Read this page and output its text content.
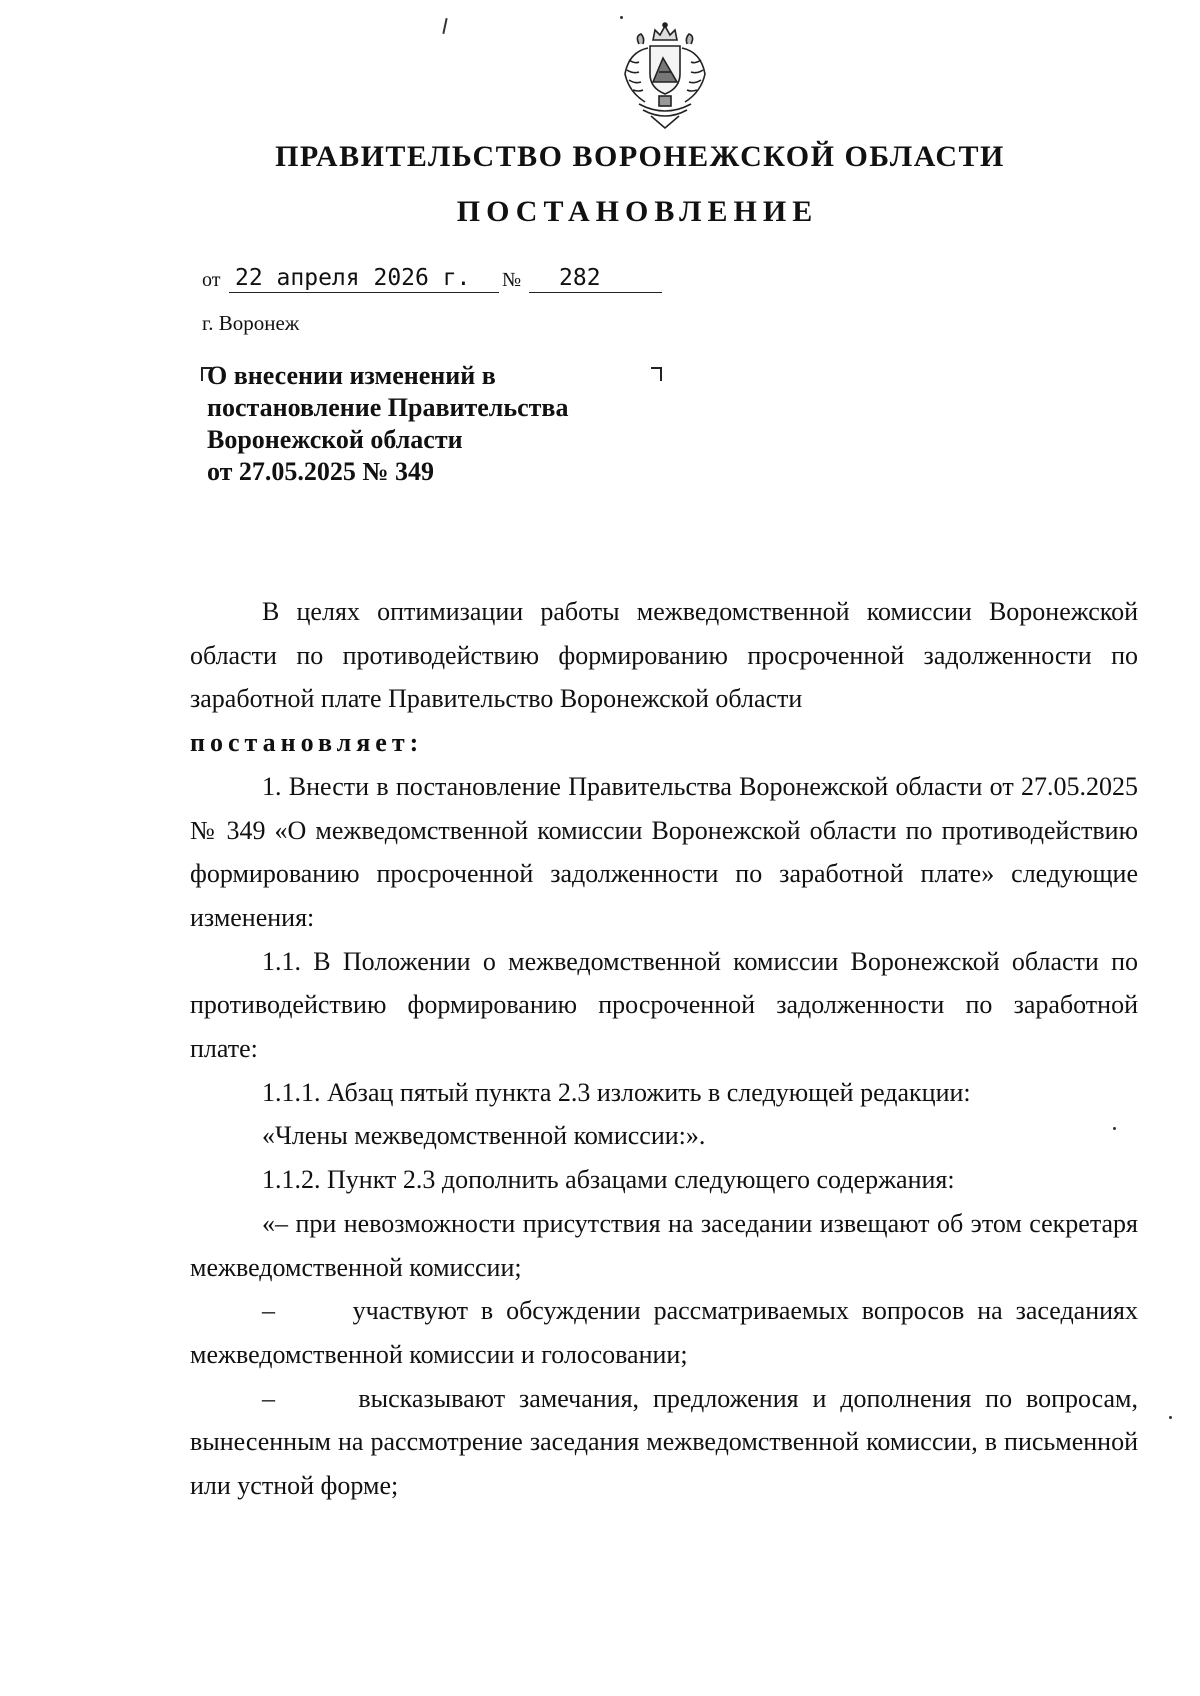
ПРАВИТЕЛЬСТВО ВОРОНЕЖСКОЙ ОБЛАСТИ
ПОСТАНОВЛЕНИЕ
от 22 апреля 2026 г.	№	282
г. Воронеж
О внесении изменений в
постановление Правительства
Воронежской области
от 27.05.2025 № 349

В целях оптимизации работы межведомственной комиссии Воронежской области по противодействию формированию просроченной задолженности по заработной плате Правительство Воронежской области

постановляет:

1. Внести в постановление Правительства Воронежской области от 27.05.2025 № 349 «О межведомственной комиссии Воронежской области по противодействию формированию просроченной задолженности по заработной плате» следующие изменения:

1.1. В Положении о межведомственной комиссии Воронежской области по противодействию формированию просроченной задолженности по заработной плате:

1.1.1. Абзац пятый пункта 2.3 изложить в следующей редакции:

«Члены межведомственной комиссии:».

1.1.2. Пункт 2.3 дополнить абзацами следующего содержания:

«– при невозможности присутствия на заседании извещают об этом секретаря межведомственной комиссии;

–	участвуют в обсуждении рассматриваемых вопросов на заседаниях межведомственной комиссии и голосовании;

–	высказывают замечания, предложения и дополнения по вопросам, вынесенным на рассмотрение заседания межведомственной комиссии, в письменной или устной форме;
